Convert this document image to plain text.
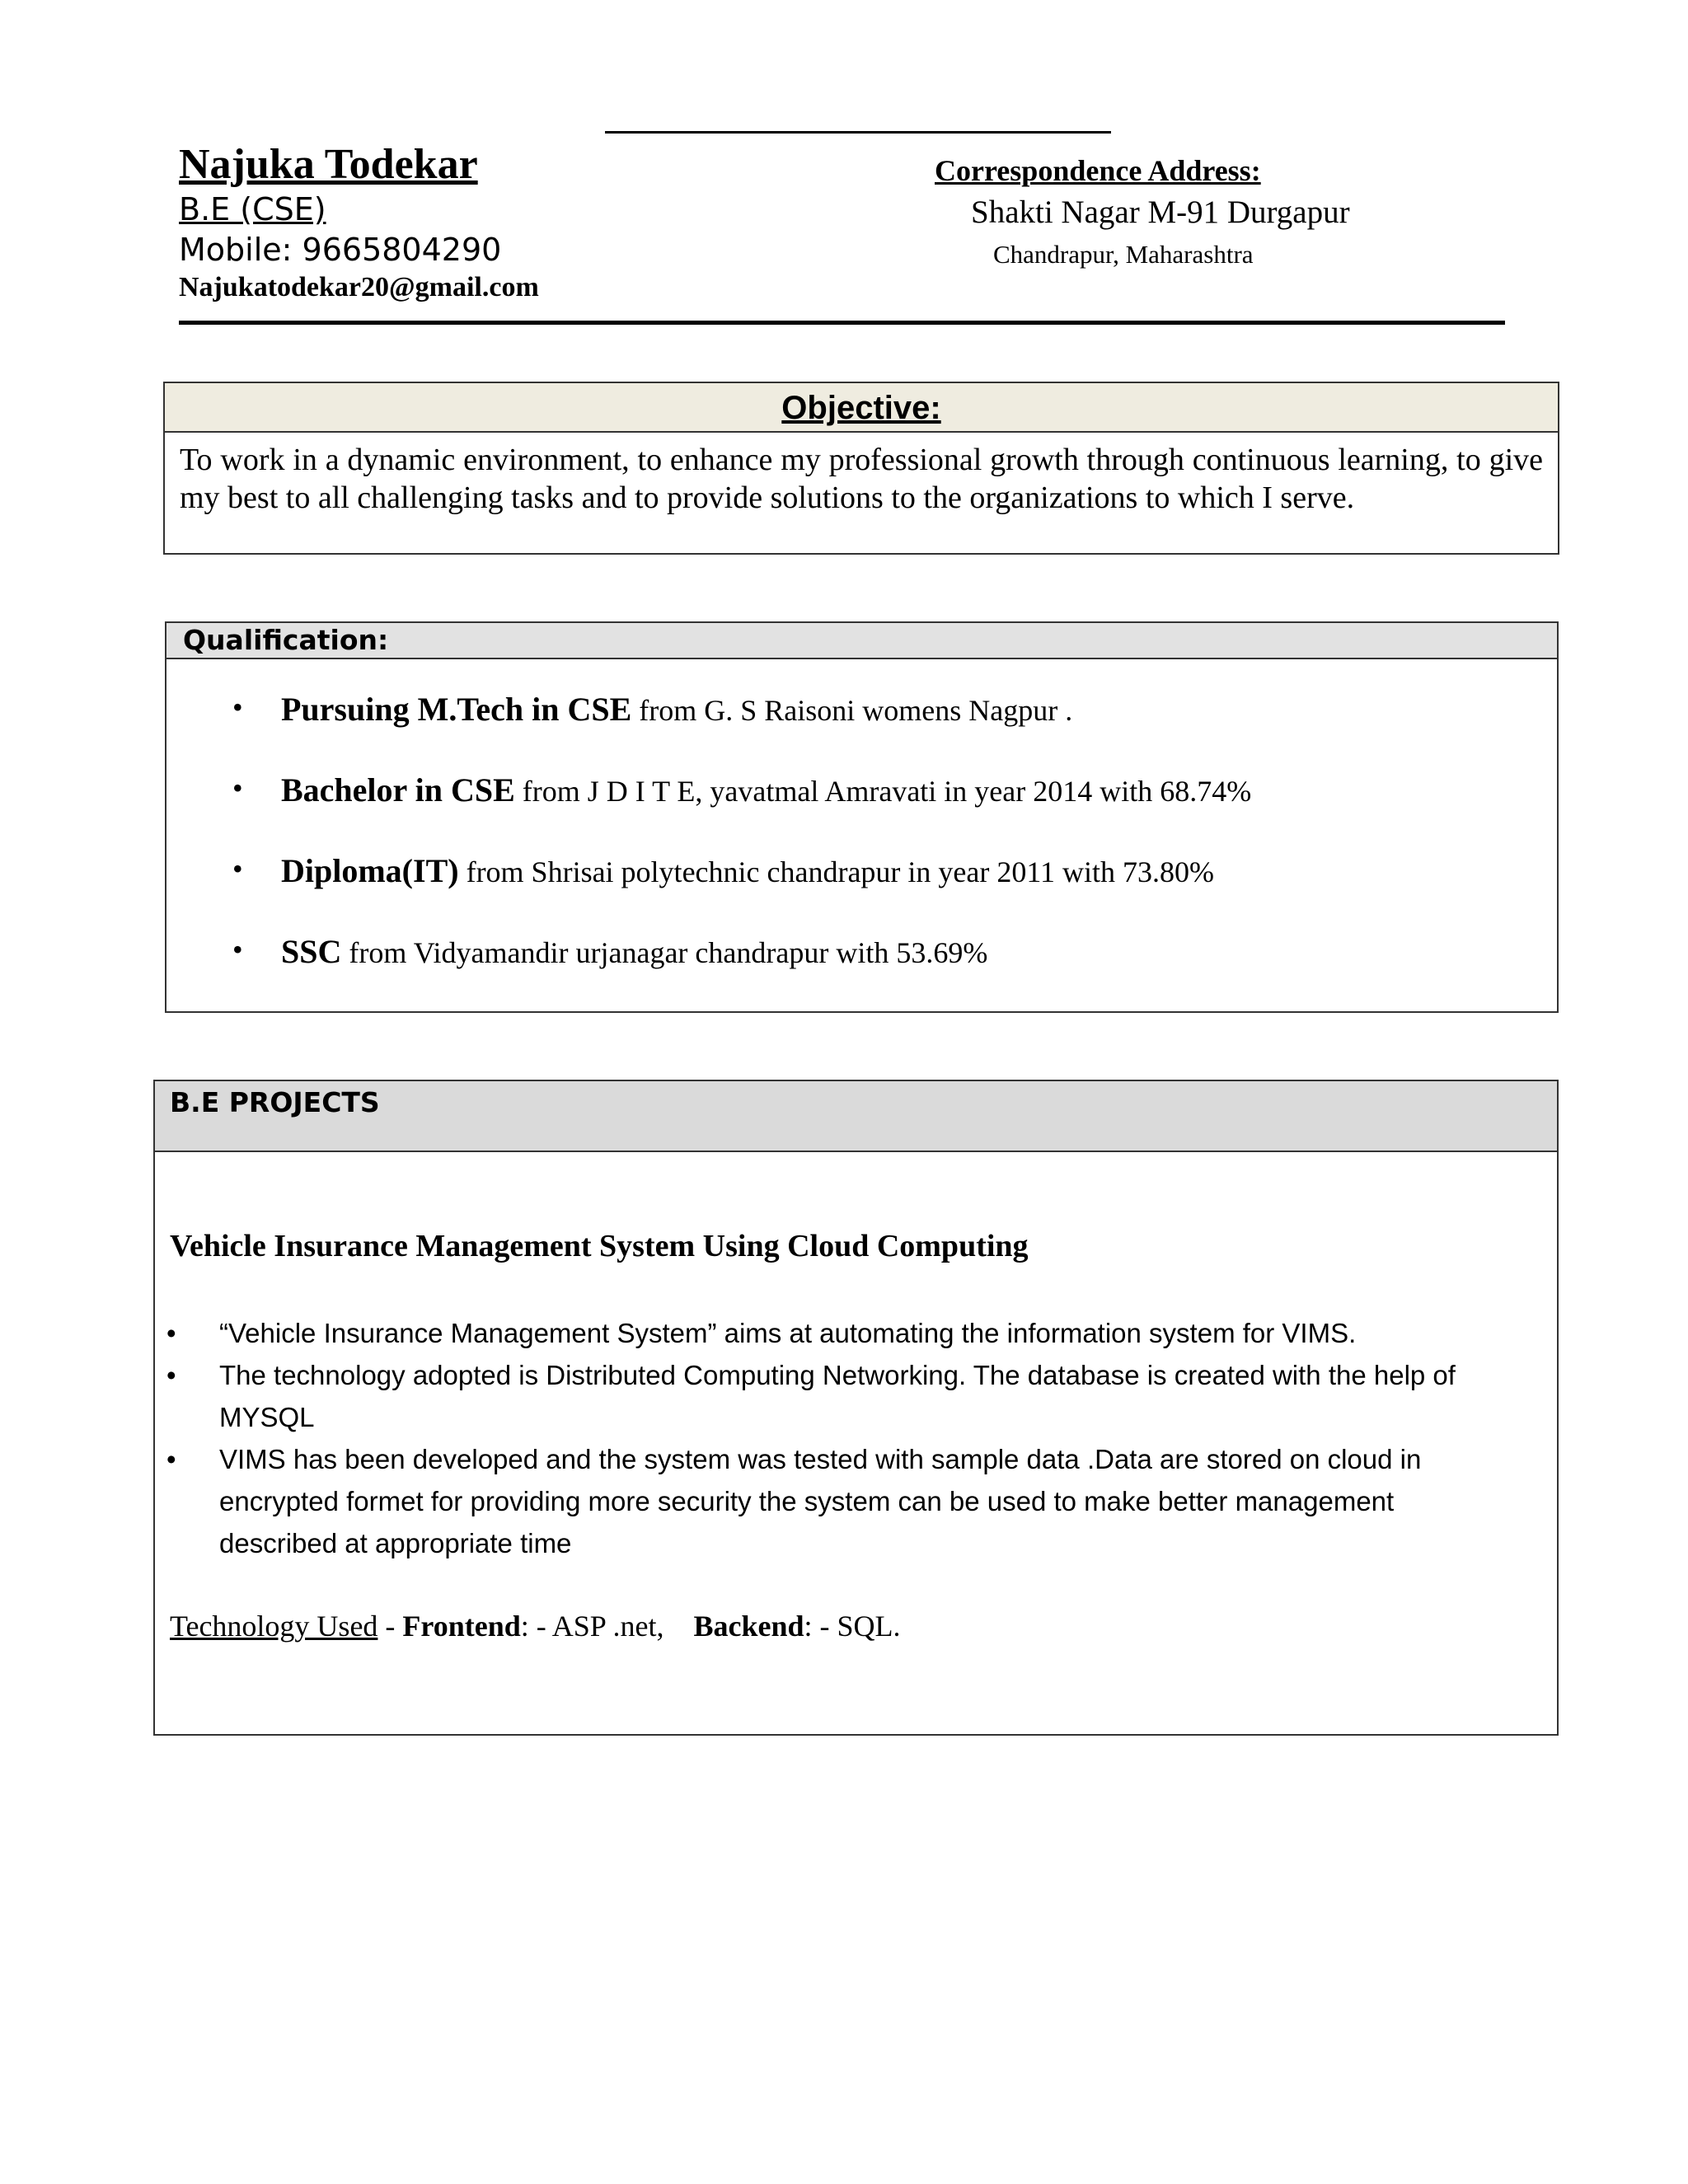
Najuka Todekar
B.E (CSE)
Mobile: 9665804290
Najukatodekar20@gmail.com
Correspondence Address:
Shakti Nagar M-91 Durgapur
Chandrapur, Maharashtra
Objective:
To work in a dynamic environment, to enhance my professional growth through continuous learning, to give my best to all challenging tasks and to provide solutions to the organizations to which I serve.
Qualification:
• Pursuing M.Tech in CSE from G. S Raisoni womens Nagpur .
• Bachelor in CSE from J D I T E, yavatmal Amravati in year 2014 with 68.74%
• Diploma(IT) from Shrisai polytechnic chandrapur in year 2011 with 73.80%
• SSC from Vidyamandir urjanagar chandrapur with 53.69%
B.E PROJECTS
Vehicle Insurance Management System Using Cloud Computing
• “Vehicle Insurance Management System” aims at automating the information system for VIMS.
• The technology adopted is Distributed Computing Networking. The database is created with the help of MYSQL
• VIMS has been developed and the system was tested with sample data .Data are stored on cloud in encrypted formet for providing more security the system can be used to make better management described at appropriate time
Technology Used - Frontend: - ASP .net, Backend: - SQL.
